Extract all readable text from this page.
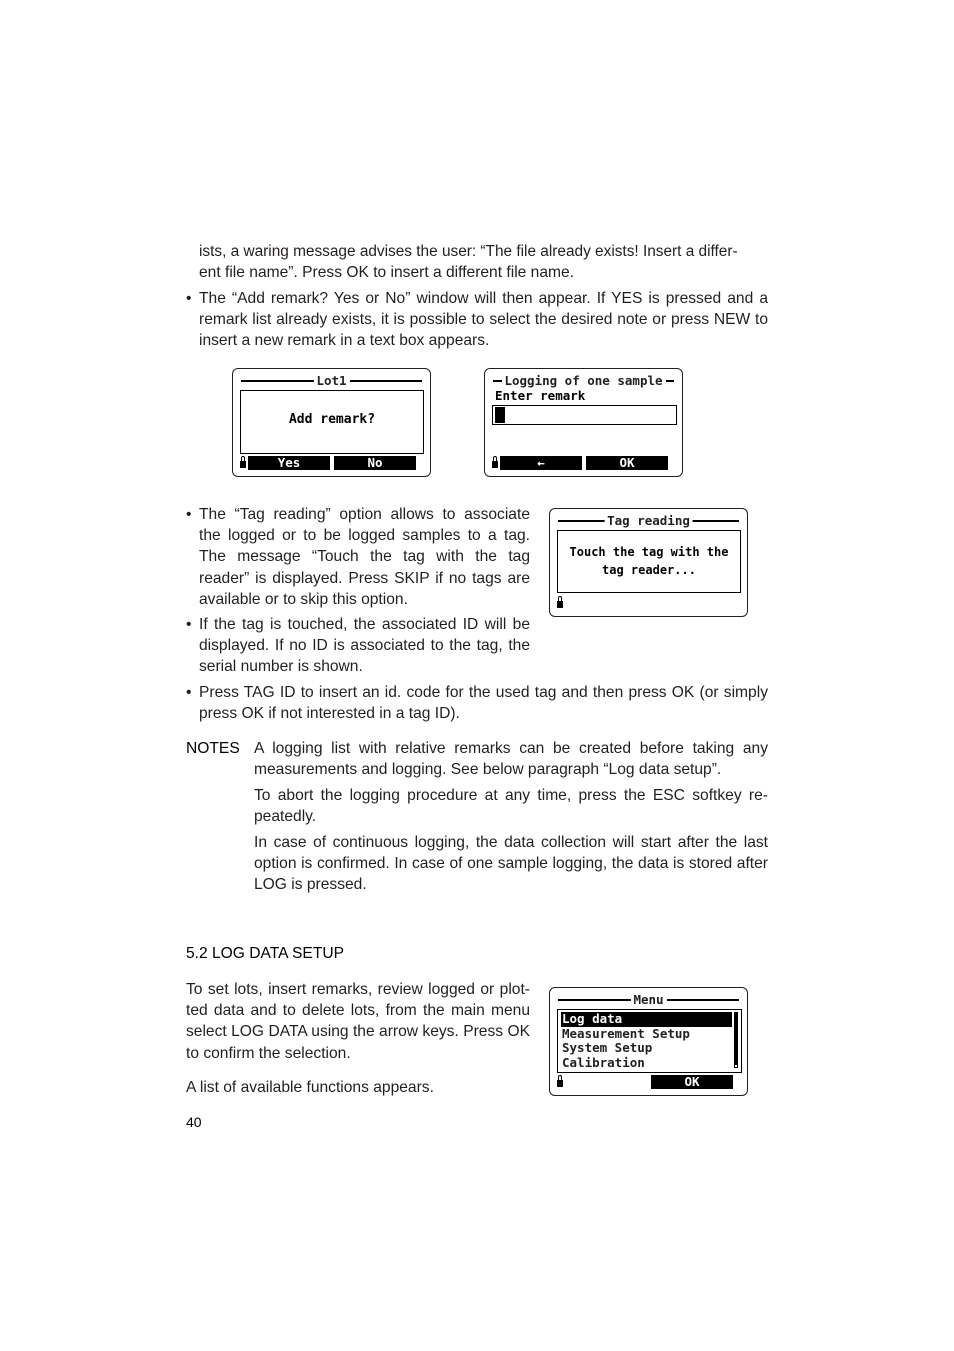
ists, a waring message advises the user: “The file already exists! Insert a differ-

ent file name”. Press OK to insert a different file name.

• The “Add remark? Yes or No” window will then appear. If YES is pressed and a remark list already exists, it is possible to select the desired note or press NEW to insert a new remark in a text box appears.
Lot1
Add remark?
Yes	No
Logging of one sample
Enter remark
←	OK
• The “Tag reading” option allows to associate the logged or to be logged samples to a tag. The message “Touch the tag with the tag reader” is displayed. Press SKIP if no tags are available or to skip this option.
Tag reading
Touch the tag with the
tag reader...
• If the tag is touched, the associated ID will be displayed. If no ID is associated to the tag, the serial number is shown.
• Press TAG ID to insert an id. code for the used tag and then press OK (or simply press OK if not interested in a tag ID).
NOTES A logging list with relative remarks can be created before taking any measurements and logging. See below paragraph “Log data setup”.

To abort the logging procedure at any time, press the ESC softkey re-peatedly.

In case of continuous logging, the data collection will start after the last option is confirmed. In case of one sample logging, the data is stored after LOG is pressed.

5.2 LOG DATA SETUP

To set lots, insert remarks, review logged or plot-ted data and to delete lots, from the main menu select LOG DATA using the arrow keys. Press OK to confirm the selection.

A list of available functions appears.

Menu
Log data
Measurement Setup
System Setup
Calibration
OK
40
